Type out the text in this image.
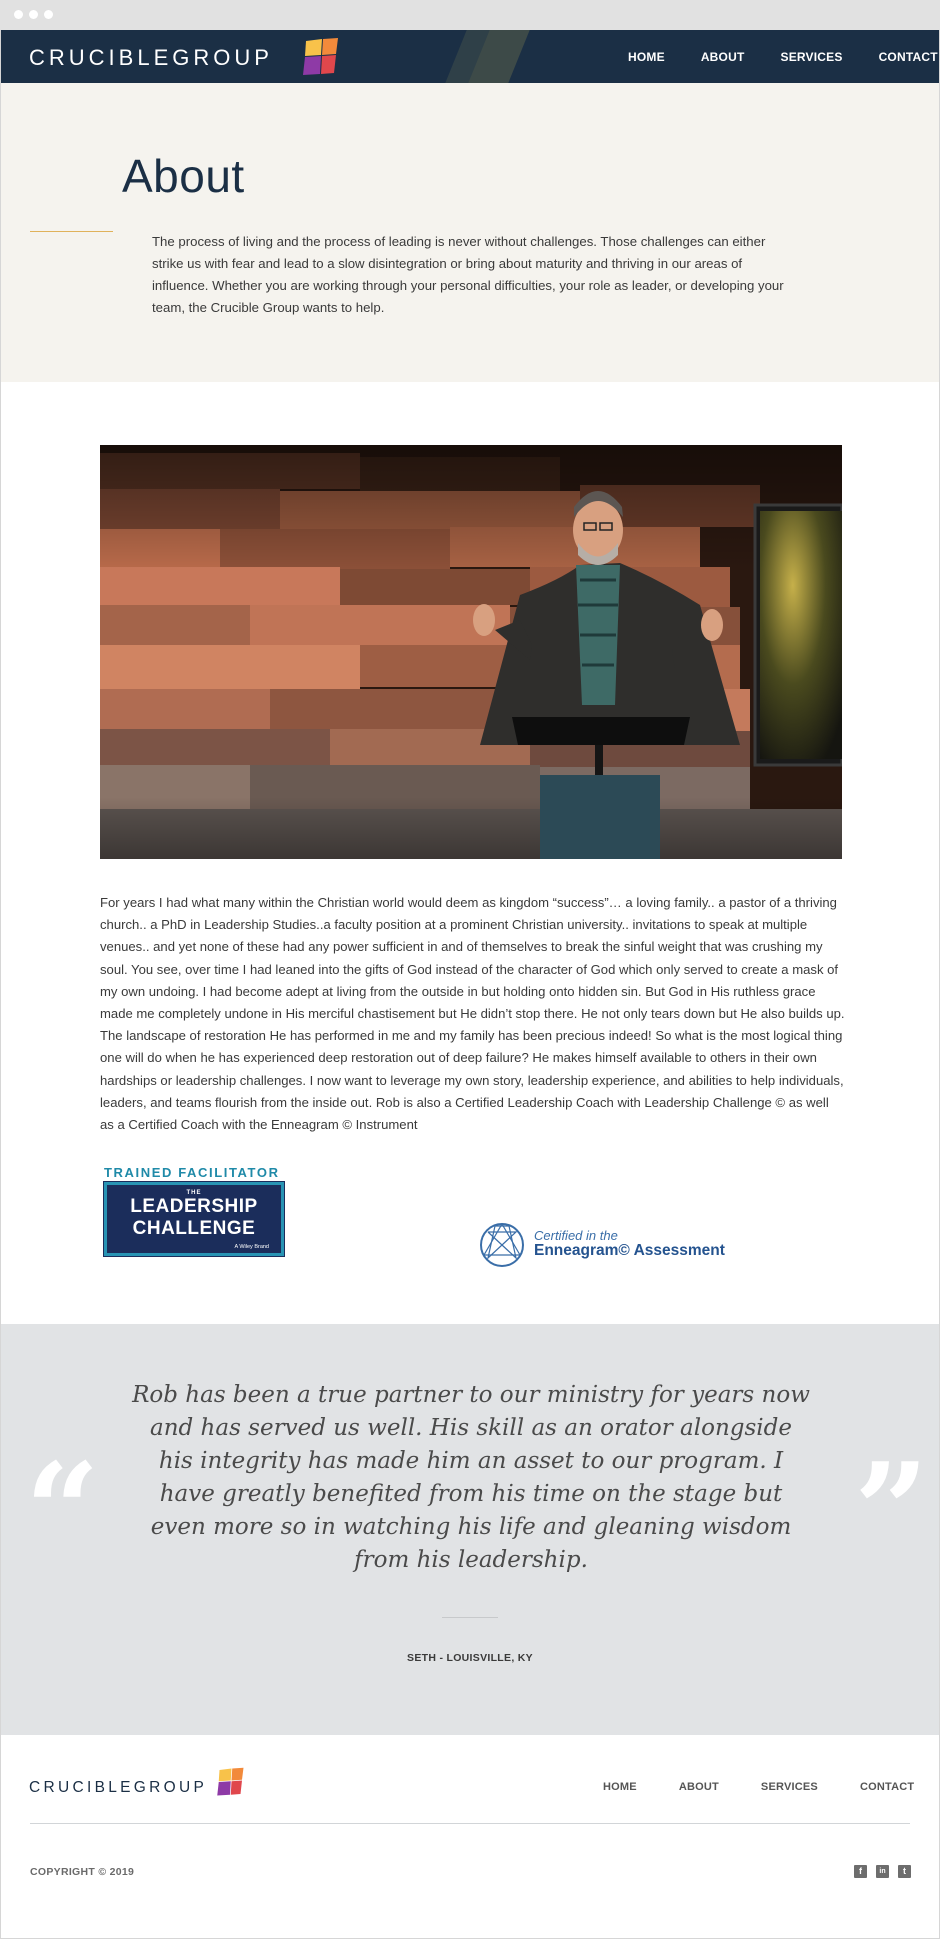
CRUCIBLEGROUP	HOME	ABOUT	SERVICES	CONTACT
About

The process of living and the process of leading is never without challenges. Those challenges can either strike us with fear and lead to a slow disintegration or bring about maturity and thriving in our areas of influence. Whether you are working through your personal difficulties, your role as leader, or developing your team, the Crucible Group wants to help.

For years I had what many within the Christian world would deem as kingdom “success”… a loving family.. a pastor of a thriving church.. a PhD in Leadership Studies..a faculty position at a prominent Christian university.. invitations to speak at multiple venues.. and yet none of these had any power sufficient in and of themselves to break the sinful weight that was crushing my soul. You see, over time I had leaned into the gifts of God instead of the character of God which only served to create a mask of my own undoing. I had become adept at living from the outside in but holding onto hidden sin. But God in His ruthless grace made me completely undone in His merciful chastisement but He didn’t stop there. He not only tears down but He also builds up. The landscape of restoration He has performed in me and my family has been precious indeed! So what is the most logical thing one will do when he has experienced deep restoration out of deep failure? He makes himself available to others in their own hardships or leadership challenges. I now want to leverage my own story, leadership experience, and abilities to help individuals, leaders, and teams flourish from the inside out. Rob is also a Certified Leadership Coach with Leadership Challenge © as well as a Certified Coach with the Enneagram © Instrument

TRAINED FACILITATOR
THE
LEADERSHIP
CHALLENGE
A Wiley Brand
Certified in the
Enneagram© Assessment
“	”

Rob has been a true partner to our ministry for years now and has served us well. His skill as an orator alongside his integrity has made him an asset to our program. I have greatly benefited from his time on the stage but even more so in watching his life and gleaning wisdom from his leadership.

SETH - LOUISVILLE, KY
CRUCIBLEGROUP	HOME	ABOUT	SERVICES	CONTACT
COPYRIGHT © 2019	f	in	t
